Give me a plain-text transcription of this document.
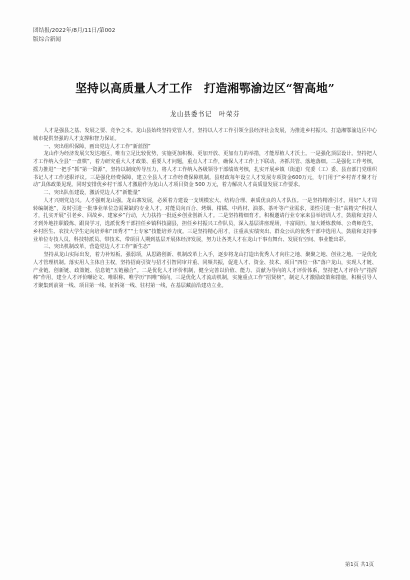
团结报/2022年/8月/11日/第002
版综合新闻
坚持以高质量人才工作　打造湘鄂渝边区“智高地”
龙山县委书记　叶荣芬

人才是强县之基、发展之要、竞争之本。龙山县始终坚持党管人才，坚持以人才工作引领全县经济社会发展，为推进乡村振兴、打造湘鄂渝边区中心城市提供坚强的人才支撑和智力保证。

一、突出组织保障，画出党边人才工作“新蓝图”

龙山作为经济发展欠发达地区，唯有立足比较优势，实施更加积极、更加开放、更加有力的举措，才能厚植人才沃土。一是强化顶层设计。坚持把人才工作纳入全县“一盘棋”，着力研究重大人才政策、重要人才问题，重点人才工作，确保人才工作上下联动、齐抓共管、落地落细。二是强化工作考核，摇力推进“一把手”抓“第一资源”，坚持以制度传导压力，将人才工作纳入各级领导干部绩效考核，扎实开展乡镇（街道）党委（工）委、县直部门党组织书记人才工作述职评议。三是强化经费保障，建立全县人才工作经费保障机制。县财政每年设立人才发展专项资金600万元，专门用于“乡村青才聚才行动”具体政策见现。同时安排优乡村干部人才激励作为龙山人才项目资金 500 万元，着力解决人才高质量发展工作要求。

二、突出队伍建设，激活党边人才“新能量”

人才兴则党边兴。人才强则龙山强。龙山寨发展，必须着力建设一支规模宏大、结构合理、素质优良的人才队伍。一是坚持精准引才。用好“人才周转编制池”，及时引进一批事业单位急需紧缺的专业人才。对能员向百合、烤烟、柑橘、中药材、油茶、茶叶等产业需求，柔性引进一批“高精尖”科技人才，扎实开展“引老乡、回故乡、建家乡”行动，大力扶持一批返乡创业创新人才。二是坚持精细育才。积极邀请行业专家来县举培训人才，鼓励和支持人才到外地挂职锻炼、跟岗学习，选派优秀干部挂任乡镇科技副县，担任乡村振兴工作队员，深入基层讲座现场，丰富阅历，加大锤炼教师、公费师范生，乡村医生、农技大学生定向培养和“田秀才”“土专家”技能培养力度。三是坚持精心用才，注重从实绩突出、群众公认的优秀干部中选用人，鼓励和支持事业单位专技人员、科技特派员、带技术、带项目人期到基层开展体经济发展，努力让各类人才在龙山干事有舞台、发展有空间、事业能出彩。

三、突出机制改革，营造党边人才工作“新生态”

坚持从龙山实际出发，着力补短板、强弱项，从思路创新、机制改革上入手，逐步将龙山打造出优秀人才向往之地、聚聚之地、创业之地。一是优化人才管理机制。落实用人主体自主权，坚持招商引资与招才引智同审并重、同频共振，促进人才、资金、技术、项目“四位一体”落户龙山，实现人才链、产业链、创新链、政策链、信息链“五链融合”。二是优化人才评价机制，健全完善以价值、能力、贡献为导向的人才评价体系，坚持把人才评价与“指挥棒”作用，建全人才评价嘲论文、唯职称、唯学历“四唯”倾向，三是优化人才流动机制，实施重点工作“招贤榜”，制定人才激励政策和措施，积极引导人才聚集到前第一线、项目第一线、征拆第一线、驻村第一线，在基层藏前沿建功立业。

第1页 共1页
